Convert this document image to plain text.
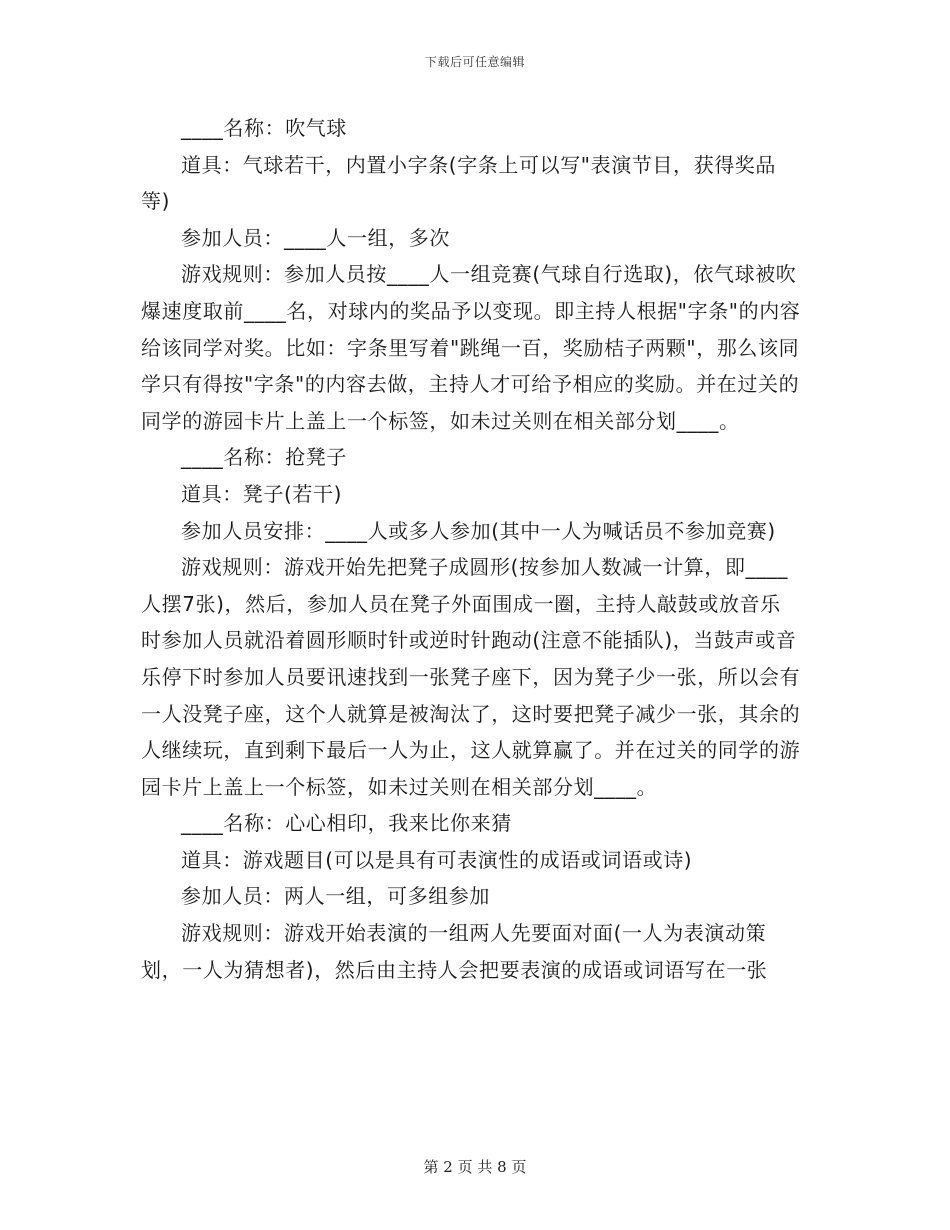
下载后可任意编辑

____名称：吹气球

道具：气球若干，内置小字条(字条上可以写"表演节目，获得奖品等)

参加人员：____人一组，多次

游戏规则：参加人员按____人一组竞赛(气球自行选取)，依气球被吹爆速度取前____名，对球内的奖品予以变现。即主持人根据"字条"的内容给该同学对奖。比如：字条里写着"跳绳一百，奖励桔子两颗"，那么该同学只有得按"字条"的内容去做，主持人才可给予相应的奖励。并在过关的同学的游园卡片上盖上一个标签，如未过关则在相关部分划____。

____名称：抢凳子

道具：凳子(若干)

参加人员安排：____人或多人参加(其中一人为喊话员不参加竞赛)

游戏规则：游戏开始先把凳子成圆形(按参加人数减一计算，即____人摆7张)，然后，参加人员在凳子外面围成一圈，主持人敲鼓或放音乐时参加人员就沿着圆形顺时针或逆时针跑动(注意不能插队)，当鼓声或音乐停下时参加人员要讯速找到一张凳子座下，因为凳子少一张，所以会有一人没凳子座，这个人就算是被淘汰了，这时要把凳子减少一张，其余的人继续玩，直到剩下最后一人为止，这人就算赢了。并在过关的同学的游园卡片上盖上一个标签，如未过关则在相关部分划____。

____名称：心心相印，我来比你来猜

道具：游戏题目(可以是具有可表演性的成语或词语或诗)

参加人员：两人一组，可多组参加

游戏规则：游戏开始表演的一组两人先要面对面(一人为表演动策划，一人为猜想者)，然后由主持人会把要表演的成语或词语写在一张

第 2 页 共 8 页
